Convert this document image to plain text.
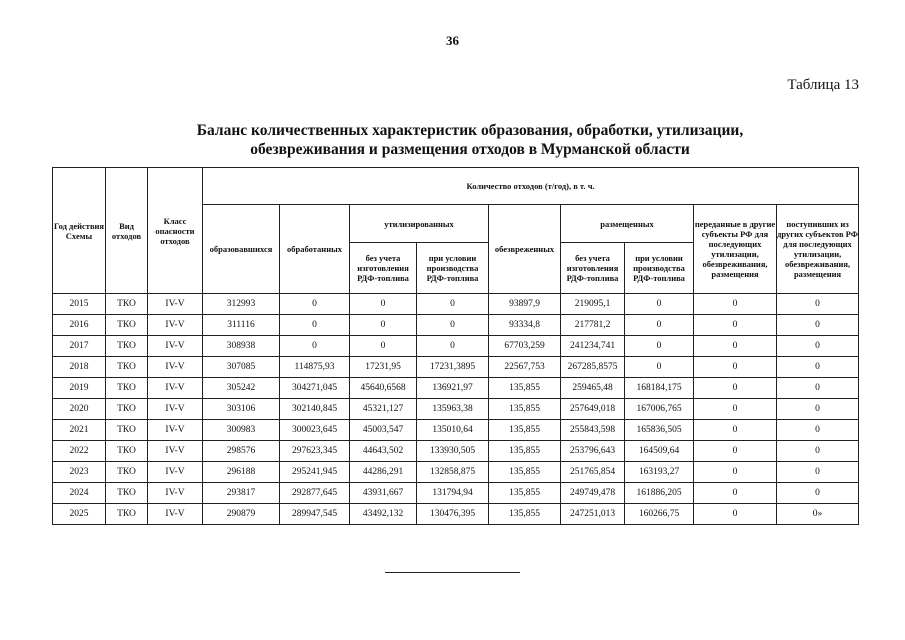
36
Таблица 13
Баланс количественных характеристик образования, обработки, утилизации,
обезвреживания и размещения отходов в Мурманской области
Год действия Схемы	Вид отходов	Класс опасности отходов	Количество отходов (т/год), в т. ч.								
			образовавшихся	обработанных	утилизированных		обезвреженных	размещенных		переданные в другие субъекты РФ для последующих утилизации, обезвреживания, размещения	поступивших из других субъектов РФ для последующих утилизации, обезвреживания, размещения
					без учета изготовления РДФ-топлива	при условии производства РДФ-топлива		без учета изготовления РДФ-топлива	при условии производства РДФ-топлива		
2015	ТКО	IV-V	312993	0	0	0	93897,9	219095,1	0	0	0
2016	ТКО	IV-V	311116	0	0	0	93334,8	217781,2	0	0	0
2017	ТКО	IV-V	308938	0	0	0	67703,259	241234,741	0	0	0
2018	ТКО	IV-V	307085	114875,93	17231,95	17231,3895	22567,753	267285,8575	0	0	0
2019	ТКО	IV-V	305242	304271,045	45640,6568	136921,97	135,855	259465,48	168184,175	0	0
2020	ТКО	IV-V	303106	302140,845	45321,127	135963,38	135,855	257649,018	167006,765	0	0
2021	ТКО	IV-V	300983	300023,645	45003,547	135010,64	135,855	255843,598	165836,505	0	0
2022	ТКО	IV-V	298576	297623,345	44643,502	133930,505	135,855	253796,643	164509,64	0	0
2023	ТКО	IV-V	296188	295241,945	44286,291	132858,875	135,855	251765,854	163193,27	0	0
2024	ТКО	IV-V	293817	292877,645	43931,667	131794,94	135,855	249749,478	161886,205	0	0
2025	ТКО	IV-V	290879	289947,545	43492,132	130476,395	135,855	247251,013	160266,75	0	0»
